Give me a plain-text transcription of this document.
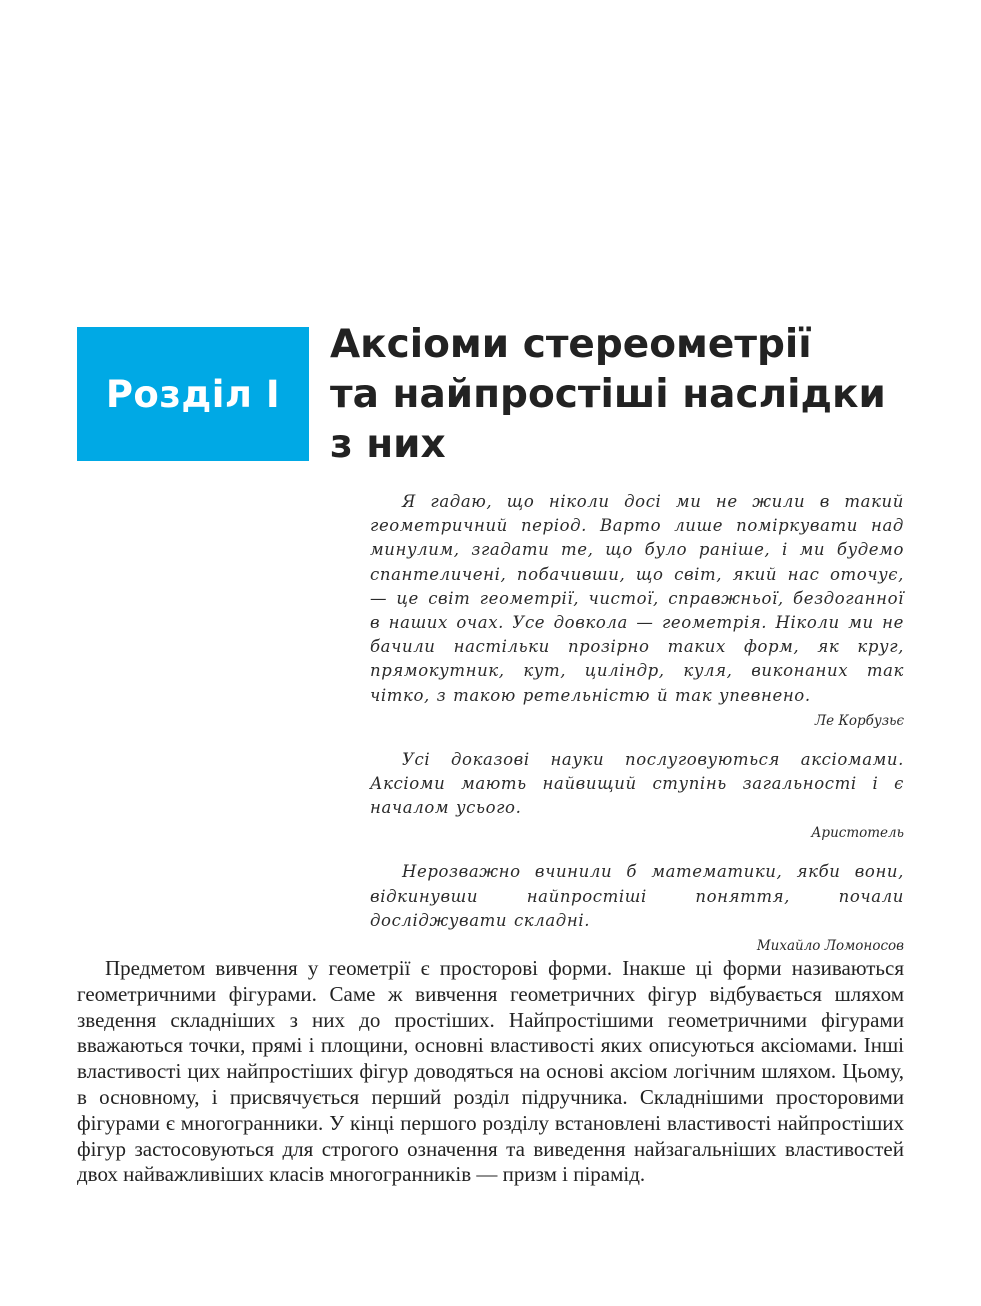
Розділ І
Аксіоми стереометрії
та найпростіші наслідки
з них

Я гадаю, що ніколи досі ми не жили в такий геометричний період. Варто лише поміркувати над минулим, згадати те, що було раніше, і ми будемо спантеличені, побачивши, що світ, який нас оточує, — це світ геометрії, чистої, справжньої, бездоганної в наших очах. Усе довкола — геометрія. Ніколи ми не бачили настільки прозірно таких форм, як круг, прямокутник, кут, циліндр, куля, виконаних так чітко, з такою ретельністю й так упевнено.

Ле Корбузьє

Усі доказові науки послуговуються аксіомами. Аксіоми мають найвищий ступінь загальності і є началом усього.

Аристотель

Нерозважно вчинили б математики, якби вони, відкинувши найпростіші поняття, почали досліджувати складні.

Михайло Ломоносов

Предметом вивчення у геометрії є просторові форми. Інакше ці форми називаються геометричними фігурами. Саме ж вивчення геометричних фігур відбувається шляхом зведення складніших з них до простіших. Найпростішими геометричними фігурами вважаються точки, прямі і площини, основні властивості яких описуються аксіомами. Інші властивості цих найпростіших фігур доводяться на основі аксіом логічним шляхом. Цьому, в основному, і присвячується перший розділ підручника. Складнішими просторовими фігурами є многогранники. У кінці першого розділу встановлені властивості найпростіших фігур застосовуються для строгого означення та виведення найзагальніших властивостей двох найважливіших класів многогранників — призм і пірамід.
